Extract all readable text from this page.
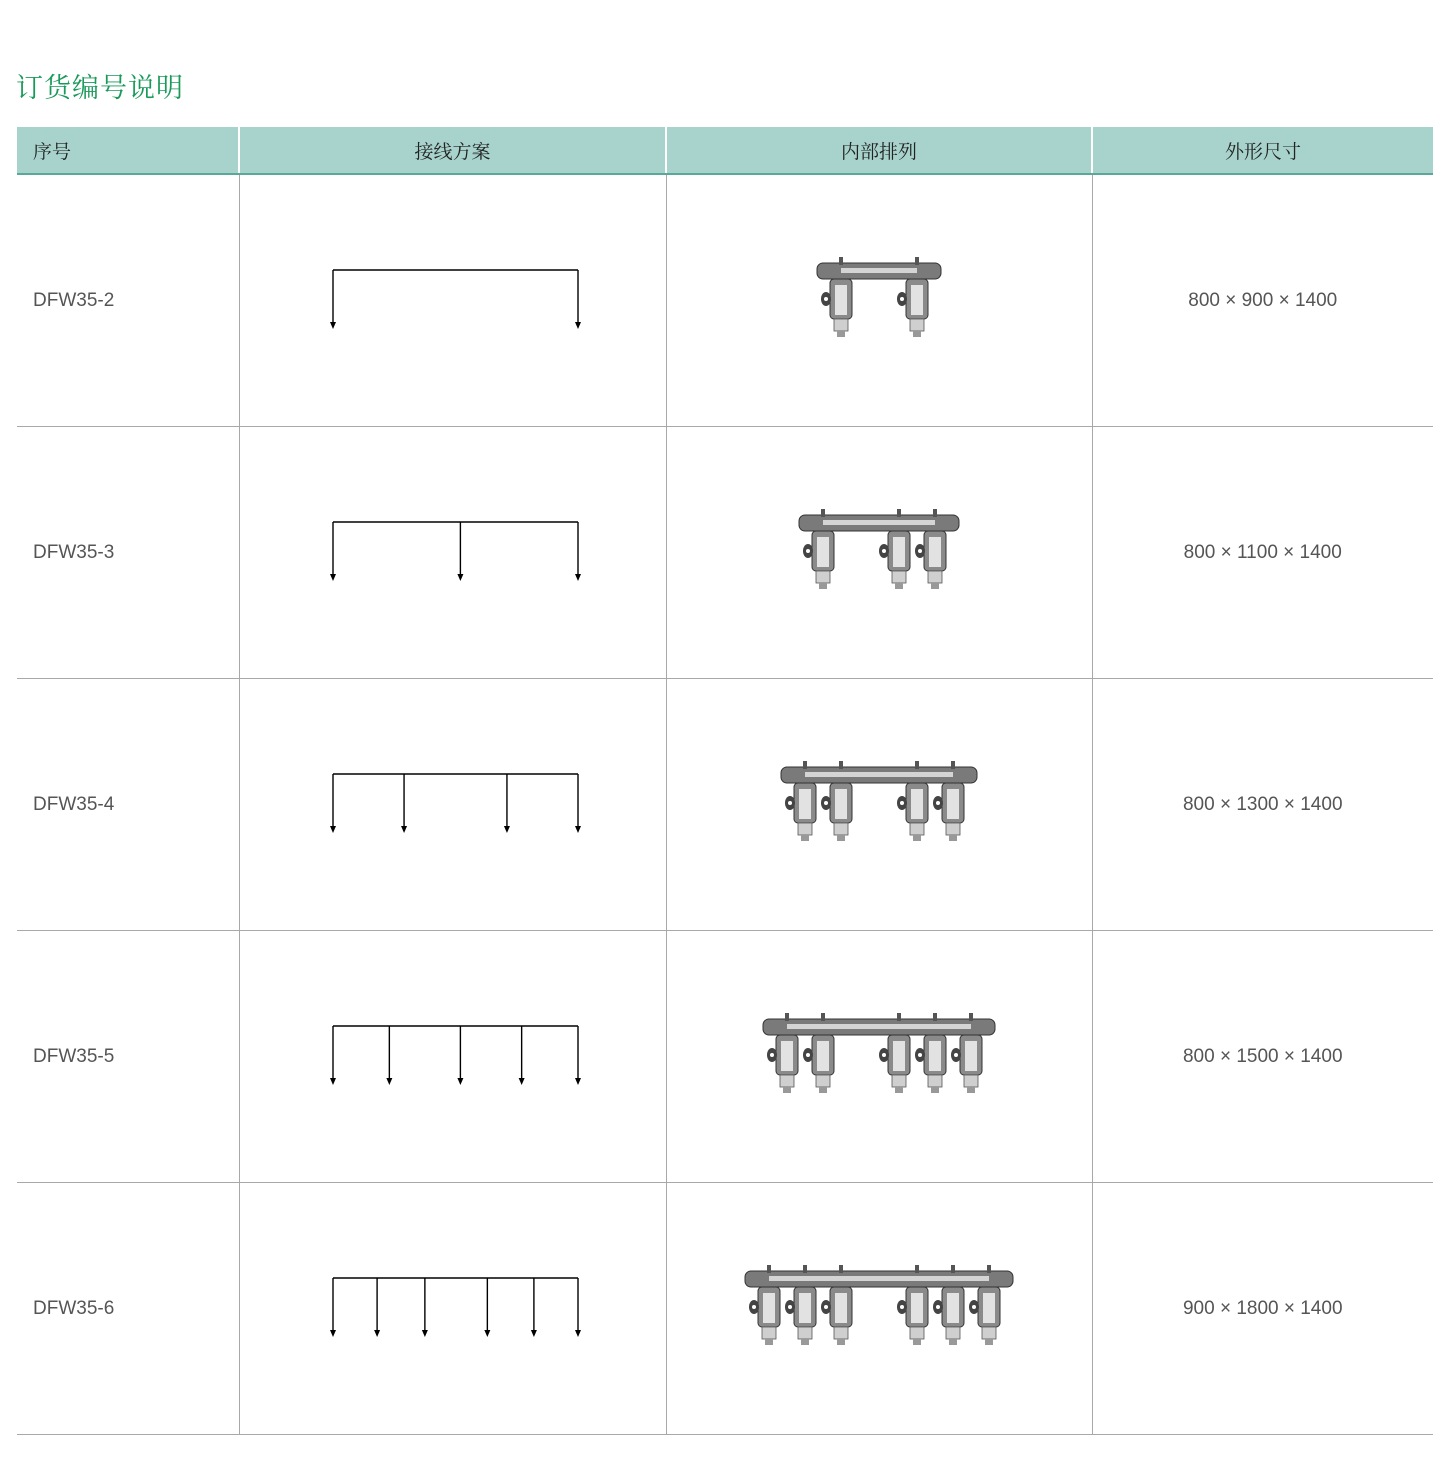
订货编号说明
序号	接线方案	内部排列	外形尺寸
DFW35-2			800 × 900 × 1400
DFW35-3			800 × 1100 × 1400
DFW35-4			800 × 1300 × 1400
DFW35-5			800 × 1500 × 1400
DFW35-6			900 × 1800 × 1400
